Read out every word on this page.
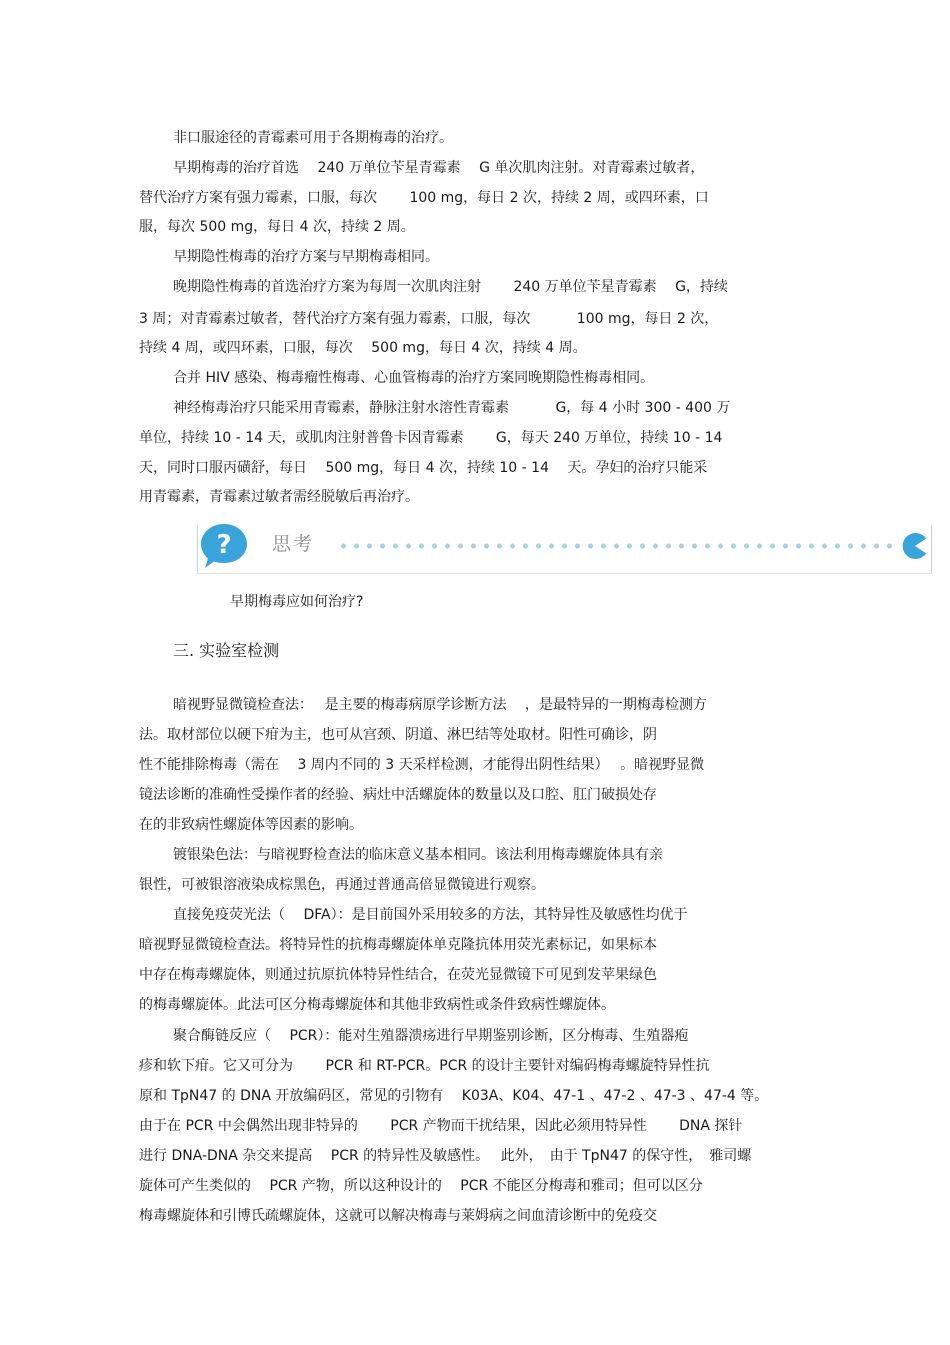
非口服途径的青霉素可用于各期梅毒的治疗。
早期梅毒的治疗首选　 240 万单位苄星青霉素　 G 单次肌肉注射。对青霉素过敏者，
替代治疗方案有强力霉素，口服，每次　　 100 mg，每日 2 次，持续 2 周，或四环素，口
服，每次 500 mg，每日 4 次，持续 2 周。
早期隐性梅毒的治疗方案与早期梅毒相同。
晚期隐性梅毒的首选治疗方案为每周一次肌肉注射　　 240 万单位苄星青霉素　 G，持续
3 周；对青霉素过敏者，替代治疗方案有强力霉素，口服，每次　　　 100 mg，每日 2 次，
持续 4 周，或四环素，口服，每次　 500 mg，每日 4 次，持续 4 周。
合并 HIV 感染、梅毒瘤性梅毒、心血管梅毒的治疗方案同晚期隐性梅毒相同。
神经梅毒治疗只能采用青霉素，静脉注射水溶性青霉素　　　 G，每 4 小时 300 - 400 万
单位，持续 10 - 14 天，或肌肉注射普鲁卡因青霉素　　 G，每天 240 万单位，持续 10 - 14
天，同时口服丙磺舒，每日　 500 mg，每日 4 次，持续 10 - 14　 天。孕妇的治疗只能采
用青霉素，青霉素过敏者需经脱敏后再治疗。
? 思考
早期梅毒应如何治疗?
三. 实验室检测
暗视野显微镜检查法：　 是主要的梅毒病原学诊断方法　 ，是最特异的一期梅毒检测方
法。取材部位以硬下疳为主，也可从宫颈、阴道、淋巴结等处取材。阳性可确诊，阴
性不能排除梅毒（需在　 3 周内不同的 3 天采样检测，才能得出阴性结果）　 。暗视野显微
镜法诊断的准确性受操作者的经验、病灶中活螺旋体的数量以及口腔、肛门破损处存
在的非致病性螺旋体等因素的影响。
镀银染色法：与暗视野检查法的临床意义基本相同。该法利用梅毒螺旋体具有亲
银性，可被银溶液染成棕黑色，再通过普通高倍显微镜进行观察。
直接免疫荧光法（　 DFA）：是目前国外采用较多的方法，其特异性及敏感性均优于
暗视野显微镜检查法。将特异性的抗梅毒螺旋体单克隆抗体用荧光素标记，如果标本
中存在梅毒螺旋体，则通过抗原抗体特异性结合，在荧光显微镜下可见到发苹果绿色
的梅毒螺旋体。此法可区分梅毒螺旋体和其他非致病性或条件致病性螺旋体。
聚合酶链反应（　 PCR）：能对生殖器溃疡进行早期鉴别诊断，区分梅毒、生殖器疱
疹和软下疳。它又可分为　　 PCR 和 RT-PCR。PCR 的设计主要针对编码梅毒螺旋特异性抗
原和 TpN47 的 DNA 开放编码区，常见的引物有　 K03A、K04、47-1 、47-2 、47-3 、47-4 等。
由于在 PCR 中会偶然出现非特异的　　 PCR 产物而干扰结果，因此必须用特异性　　 DNA 探针
进行 DNA-DNA 杂交来提高　 PCR 的特异性及敏感性。　 此外，　由于 TpN47 的保守性，　雅司螺
旋体可产生类似的　 PCR 产物，所以这种设计的　 PCR 不能区分梅毒和雅司；但可以区分
梅毒螺旋体和引博氏疏螺旋体，这就可以解决梅毒与莱姆病之间血清诊断中的免疫交
